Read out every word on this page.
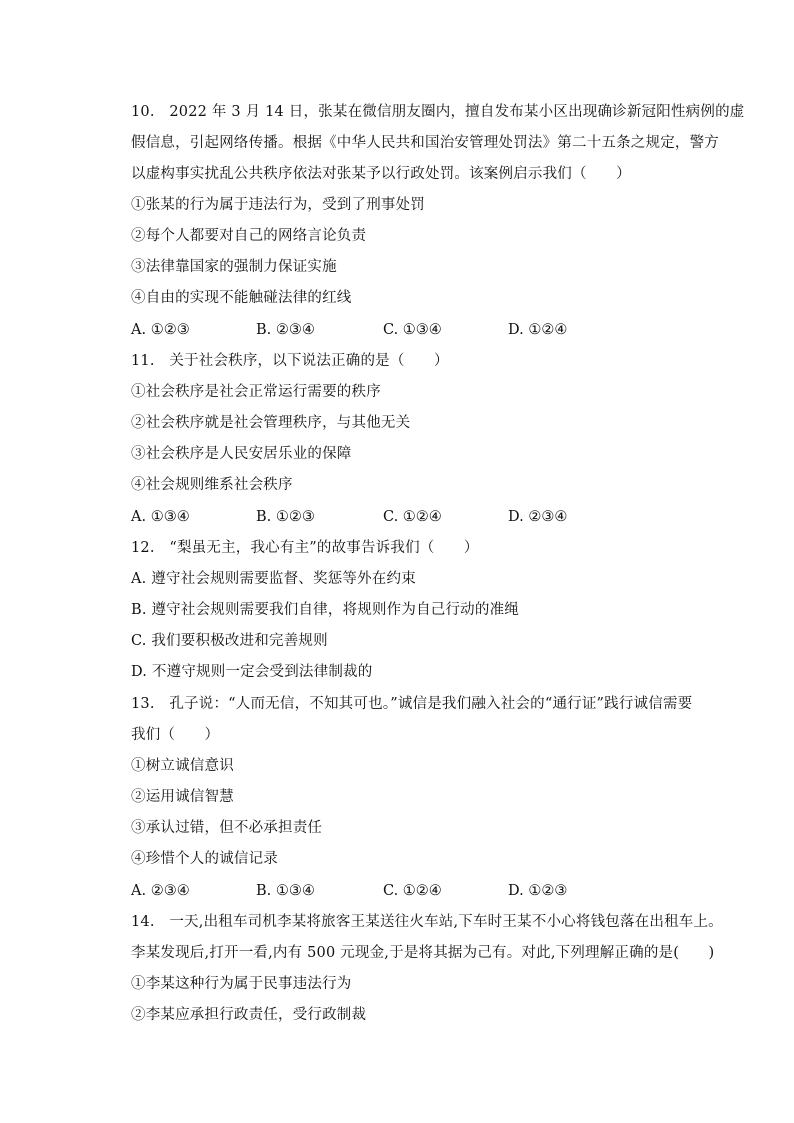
10.　2022 年 3 月 14 日，张某在微信朋友圈内，擅自发布某小区出现确诊新冠阳性病例的虚
假信息，引起网络传播。根据《中华人民共和国治安管理处罚法》第二十五条之规定，警方
以虚构事实扰乱公共秩序依法对张某予以行政处罚。该案例启示我们（　　）
①张某的行为属于违法行为，受到了刑事处罚
②每个人都要对自己的网络言论负责
③法律靠国家的强制力保证实施
④自由的实现不能触碰法律的红线
A. ①②③	B. ②③④	C. ①③④	D. ①②④
11.　关于社会秩序，以下说法正确的是（　　）
①社会秩序是社会正常运行需要的秩序
②社会秩序就是社会管理秩序，与其他无关
③社会秩序是人民安居乐业的保障
④社会规则维系社会秩序
A. ①③④	B. ①②③	C. ①②④	D. ②③④
12.　“梨虽无主，我心有主”的故事告诉我们（　　）
A. 遵守社会规则需要监督、奖惩等外在约束
B. 遵守社会规则需要我们自律，将规则作为自己行动的准绳
C. 我们要积极改进和完善规则
D. 不遵守规则一定会受到法律制裁的
13.　孔子说：“人而无信，不知其可也。”诚信是我们融入社会的“通行证”践行诚信需要
我们（　　）
①树立诚信意识
②运用诚信智慧
③承认过错，但不必承担责任
④珍惜个人的诚信记录
A. ②③④	B. ①③④	C. ①②④	D. ①②③
14.　一天,出租车司机李某将旅客王某送往火车站,下车时王某不小心将钱包落在出租车上。
李某发现后,打开一看,内有 500 元现金,于是将其据为己有。对此,下列理解正确的是(　　)
①李某这种行为属于民事违法行为
②李某应承担行政责任，受行政制裁
